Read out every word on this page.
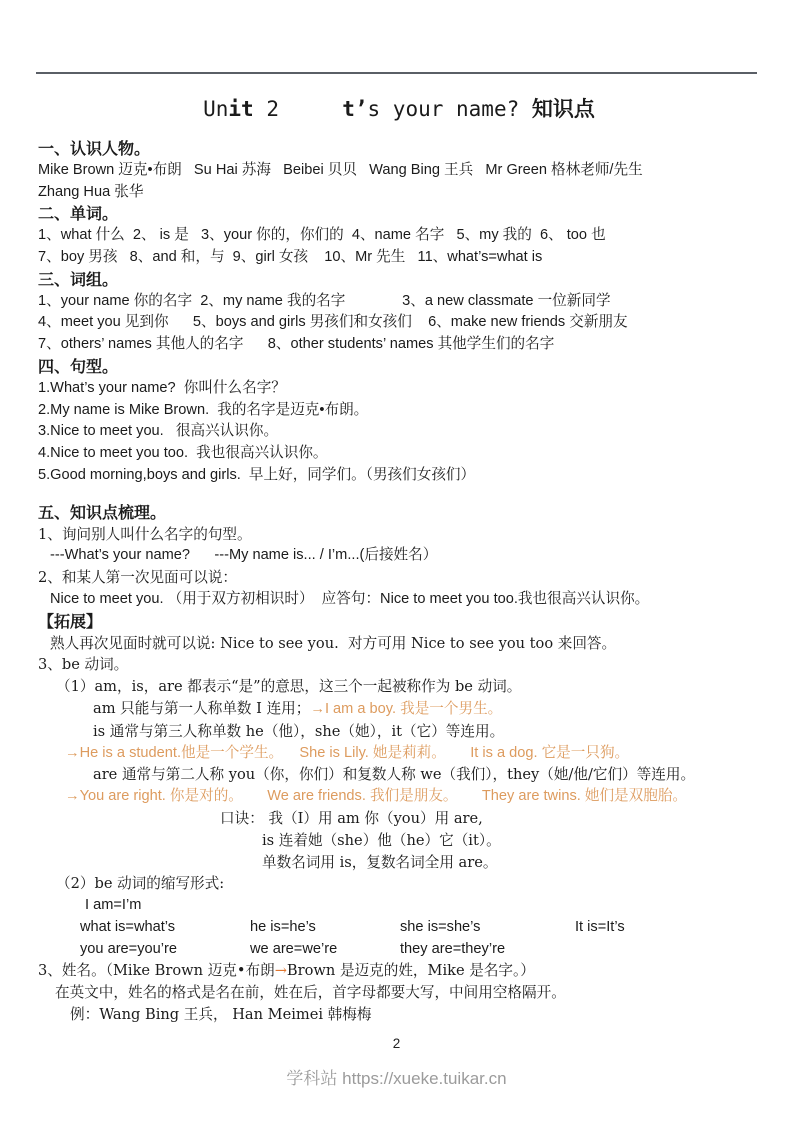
Unit 2	t’s your name? 知识点
一、认识人物。
Mike Brown 迈克•布朗   Su Hai 苏海   Beibei 贝贝   Wang Bing 王兵   Mr Green 格林老师/先生
Zhang Hua 张华
二、单词。
1、what 什么  2、 is 是   3、your 你的，你们的  4、name 名字   5、my 我的  6、 too 也
7、boy 男孩   8、and 和，与  9、girl 女孩    10、Mr 先生   11、what’s=what is
三、词组。
1、your name 你的名字  2、my name 我的名字              3、a new classmate 一位新同学
4、meet you 见到你      5、boys and girls 男孩们和女孩们    6、make new friends 交新朋友
7、others’ names 其他人的名字      8、other students’ names 其他学生们的名字
四、句型。
1.What’s your name?  你叫什么名字？
2.My name is Mike Brown.  我的名字是迈克•布朗。
3.Nice to meet you.   很高兴认识你。
4.Nice to meet you too.  我也很高兴认识你。
5.Good morning,boys and girls.  早上好，同学们。（男孩们女孩们）
五、知识点梳理。
1、询问别人叫什么名字的句型。
---What’s your name?      ---My name is... / I’m...(后接姓名）
2、和某人第一次见面可以说：
Nice to meet you. （用于双方初相识时）  应答句：Nice to meet you too.我也很高兴认识你。
【拓展】
熟人再次见面时就可以说: Nice to see you.  对方可用 Nice to see you too 来回答。
3、be 动词。
（1）am，is，are 都表示“是”的意思，这三个一起被称作为 be 动词。
am 只能与第一人称单数 I 连用；→I am a boy. 我是一个男生。
is 通常与第三人称单数 he（他），she（她），it（它）等连用。
→He is a student.他是一个学生。    She is Lily. 她是莉莉。      It is a dog. 它是一只狗。
are 通常与第二人称 you（你，你们）和复数人称 we（我们），they（她/他/它们）等连用。
→You are right. 你是对的。      We are friends. 我们是朋友。      They are twins. 她们是双胞胎。
口诀： 我（I）用 am 你（you）用 are,
is 连着她（she）他（he）它（it）。
单数名词用 is，复数名词全用 are。
（2）be 动词的缩写形式:
I am=I’m
what is=what’s	he is=he’s	she is=she’s	It is=It’s
you are=you’re	we are=we’re	they are=they’re
3、姓名。（Mike Brown 迈克•布朗→Brown 是迈克的姓，Mike 是名字。）
在英文中，姓名的格式是名在前，姓在后，首字母都要大写，中间用空格隔开。
例：Wang Bing 王兵， Han Meimei 韩梅梅
2
学科站 https://xueke.tuikar.cn
